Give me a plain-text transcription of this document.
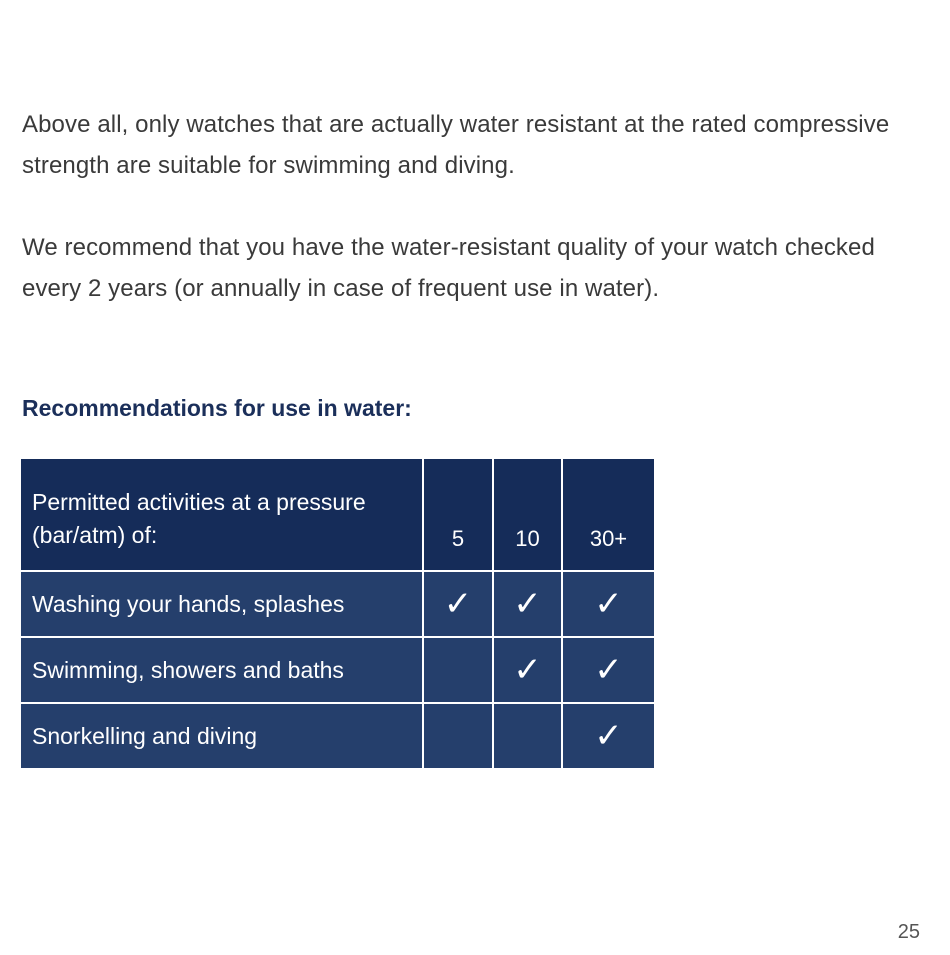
Above all, only watches that are actually water resistant at the rated compressive strength are suitable for swimming and diving.

We recommend that you have the water-resistant quality of your watch checked every 2 years (or annually in case of frequent use in water).

Recommendations for use in water:
Permitted activities at a pressure (bar/atm) of:	5	10	30+
Washing your hands, splashes	✓	✓	✓
Swimming, showers and baths		✓	✓
Snorkelling and diving			✓
25
